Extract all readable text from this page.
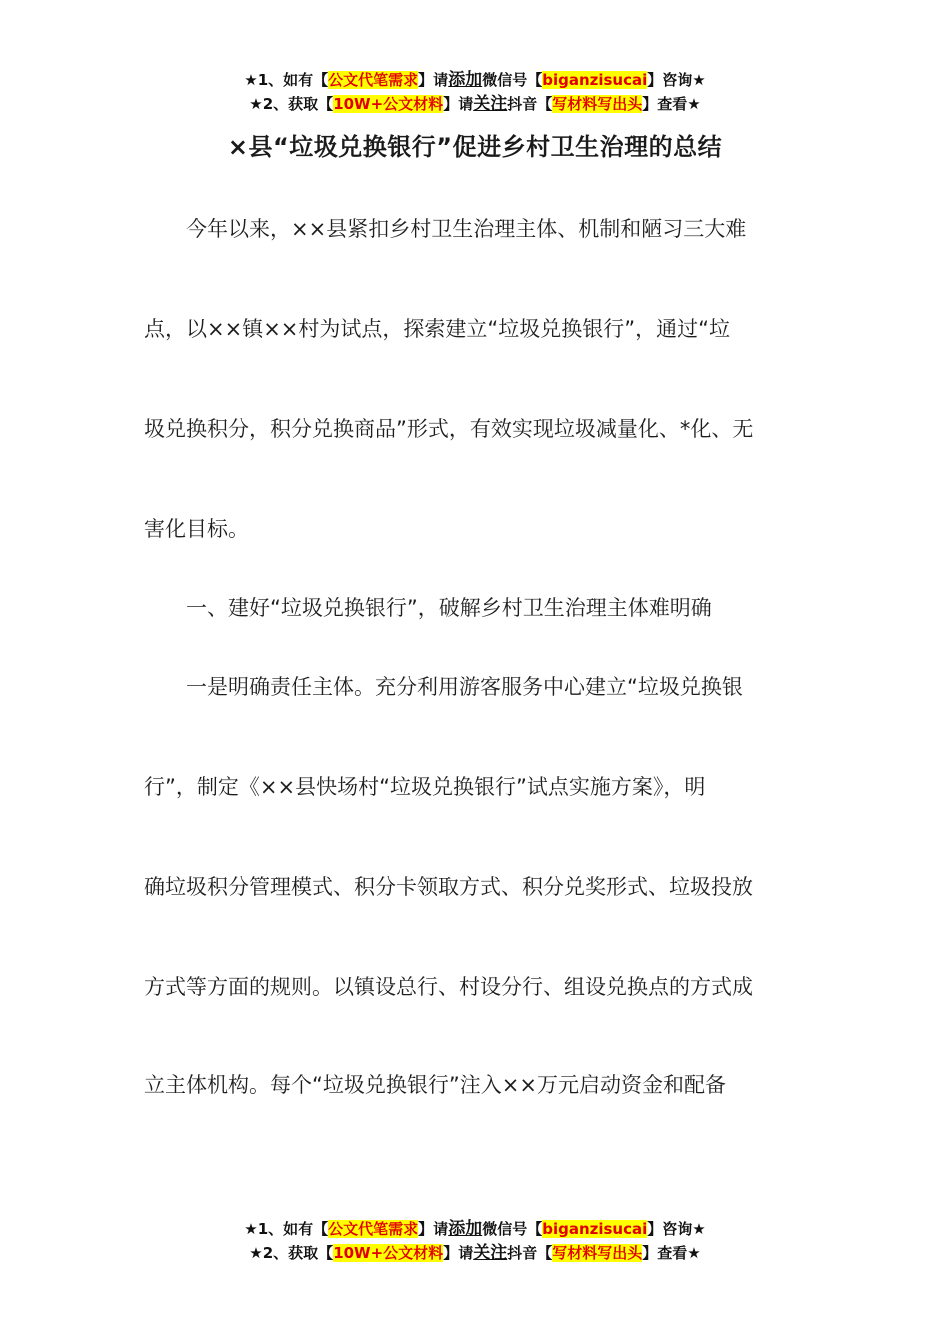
★1、如有【公文代笔需求】请添加微信号【biganzisucai】咨询★
★2、获取【10W+公文材料】请关注抖音【写材料写出头】查看★
×县“垃圾兑换银行”促进乡村卫生治理的总结
　　今年以来，××县紧扣乡村卫生治理主体、机制和陋习三大难
点，以××镇××村为试点，探索建立“垃圾兑换银行”，通过“垃
圾兑换积分，积分兑换商品”形式，有效实现垃圾减量化、*化、无
害化目标。
　　一、建好“垃圾兑换银行”，破解乡村卫生治理主体难明确
　　一是明确责任主体。充分利用游客服务中心建立“垃圾兑换银
行”，制定《××县快场村“垃圾兑换银行”试点实施方案》，明
确垃圾积分管理模式、积分卡领取方式、积分兑奖形式、垃圾投放
方式等方面的规则。以镇设总行、村设分行、组设兑换点的方式成
立主体机构。每个“垃圾兑换银行”注入××万元启动资金和配备
★1、如有【公文代笔需求】请添加微信号【biganzisucai】咨询★
★2、获取【10W+公文材料】请关注抖音【写材料写出头】查看★
